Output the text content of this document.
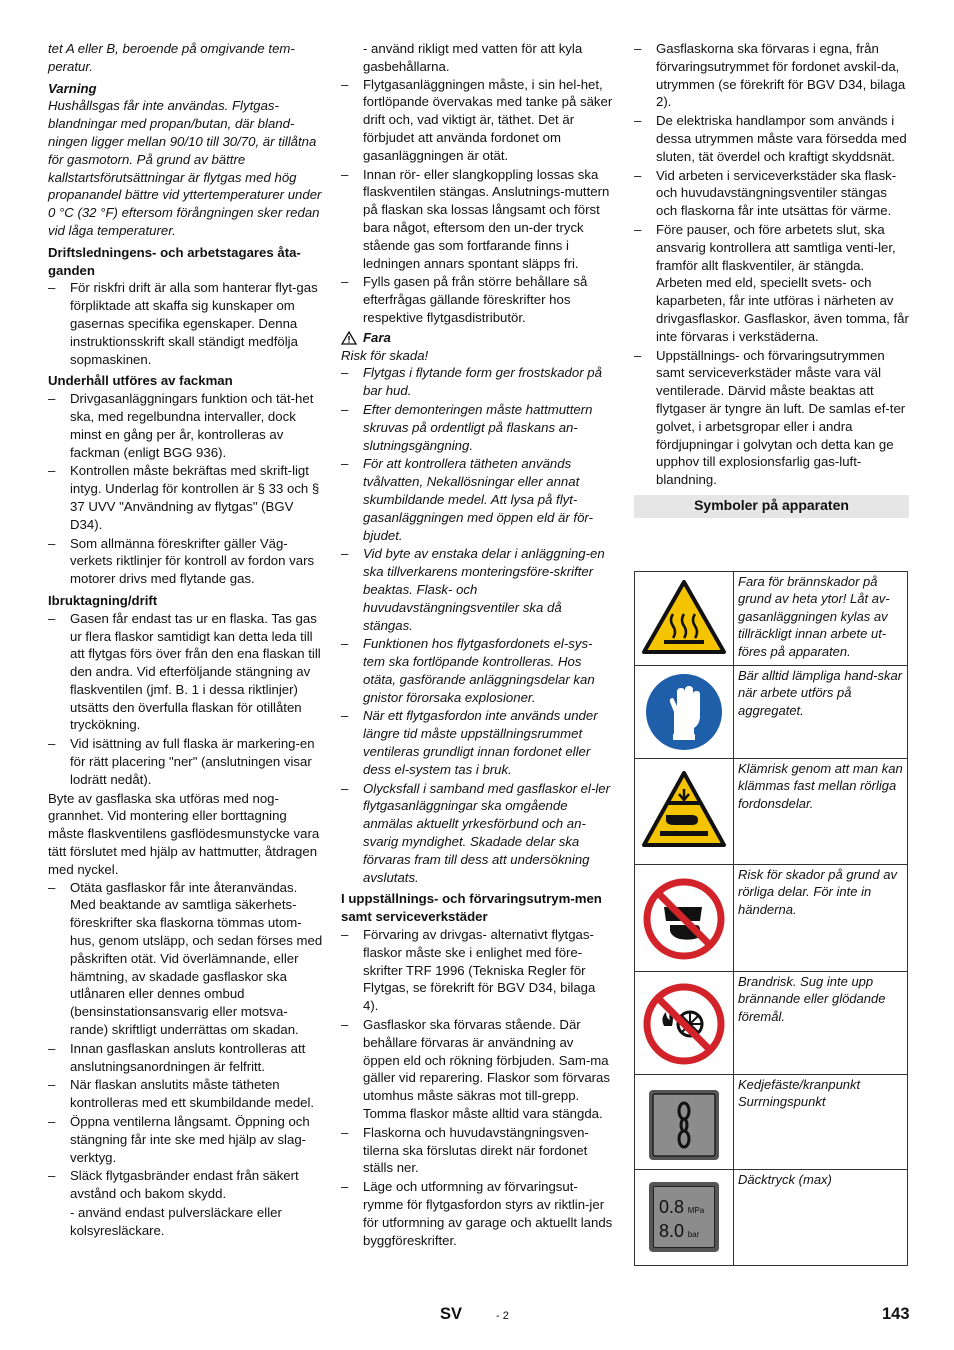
tet A eller B, beroende på omgivande tem-peratur.

Varning

Hushållsgas får inte användas. Flytgas-blandningar med propan/butan, där bland-ningen ligger mellan 90/10 till 30/70, är tillåtna för gasmotorn. På grund av bättre kallstartsförutsättningar är flytgas med hög propanandel bättre vid yttertemperaturer under 0 °C (32 °F) eftersom förångningen sker redan vid låga temperaturer.

Driftsledningens- och arbetstagares åta-ganden

– För riskfri drift är alla som hanterar flyt-gas förpliktade att skaffa sig kunskaper om gasernas specifika egenskaper. Denna instruktionsskrift skall ständigt medfölja sopmaskinen.

Underhåll utföres av fackman

– Drivgasanläggningars funktion och tät-het ska, med regelbundna intervaller, dock minst en gång per år, kontrolleras av fackman (enligt BGG 936).
– Kontrollen måste bekräftas med skrift-ligt intyg. Underlag för kontrollen är § 33 och § 37 UVV "Användning av flytgas" (BGV D34).
– Som allmänna föreskrifter gäller Väg-verkets riktlinjer för kontroll av fordon vars motorer drivs med flytande gas.

Ibruktagning/drift

– Gasen får endast tas ur en flaska. Tas gas ur flera flaskor samtidigt kan detta leda till att flytgas förs över från den ena flaskan till den andra. Vid efterföljande stängning av flaskventilen (jmf. B. 1 i dessa riktlinjer) utsätts den överfulla flaskan för otillåten tryckökning.
– Vid isättning av full flaska är markering-en för rätt placering "ner" (anslutningen visar lodrätt nedåt).

Byte av gasflaska ska utföras med nog-grannhet. Vid montering eller borttagning måste flaskventilens gasflödesmunstycke vara tätt förslutet med hjälp av hattmutter, åtdragen med nyckel.

– Otäta gasflaskor får inte återanvändas. Med beaktande av samtliga säkerhets-föreskrifter ska flaskorna tömmas utom-hus, genom utsläpp, och sedan förses med påskriften otät. Vid överlämnande, eller hämtning, av skadade gasflaskor ska utlånaren eller dennes ombud (bensinstationsansvarig eller motsva-rande) skriftligt underrättas om skadan.
– Innan gasflaskan ansluts kontrolleras att anslutningsanordningen är felfritt.
– När flaskan anslutits måste tätheten kontrolleras med ett skumbildande medel.
– Öppna ventilerna långsamt. Öppning och stängning får inte ske med hjälp av slag-verktyg.
– Släck flytgasbränder endast från säkert avstånd och bakom skydd.

- använd endast pulversläckare eller kolsyresläckare.

- använd rikligt med vatten för att kyla gasbehållarna.

– Flytgasanläggningen måste, i sin hel-het, fortlöpande övervakas med tanke på säker drift och, vad viktigt är, täthet. Det är förbjudet att använda fordonet om gasanläggningen är otät.
– Innan rör- eller slangkoppling lossas ska flaskventilen stängas. Anslutnings-muttern på flaskan ska lossas långsamt och först bara något, eftersom den un-der tryck stående gas som fortfarande finns i ledningen annars spontant släpps fri.
– Fylls gasen på från större behållare så efterfrågas gällande föreskrifter hos respektive flytgasdistributör.
Fara

Risk för skada!

– Flytgas i flytande form ger frostskador på bar hud.
– Efter demonteringen måste hattmuttern skruvas på ordentligt på flaskans an-slutningsgängning.
– För att kontrollera tätheten används tvålvatten, Nekallösningar eller annat skumbildande medel. Att lysa på flyt-gasanläggningen med öppen eld är för-bjudet.
– Vid byte av enstaka delar i anläggning-en ska tillverkarens monteringsföre-skrifter beaktas. Flask- och huvudavstängningsventiler ska då stängas.
– Funktionen hos flytgasfordonets el-sys-tem ska fortlöpande kontrolleras. Hos otäta, gasförande anläggningsdelar kan gnistor förorsaka explosioner.
– När ett flytgasfordon inte används under längre tid måste uppställningsrummet ventileras grundligt innan fordonet eller dess el-system tas i bruk.
– Olycksfall i samband med gasflaskor el-ler flytgasanläggningar ska omgående anmälas aktuellt yrkesförbund och an-svarig myndighet. Skadade delar ska förvaras fram till dess att undersökning avslutats.

I uppställnings- och förvaringsutrym-men samt serviceverkstäder

– Förvaring av drivgas- alternativt flytgas-flaskor måste ske i enlighet med före-skrifter TRF 1996 (Tekniska Regler för Flytgas, se förekrift för BGV D34, bilaga 4).
– Gasflaskor ska förvaras stående. Där behållare förvaras är användning av öppen eld och rökning förbjuden. Sam-ma gäller vid reparering. Flaskor som förvaras utomhus måste säkras mot till-grepp. Tomma flaskor måste alltid vara stängda.
– Flaskorna och huvudavstängningsven-tilerna ska förslutas direkt när fordonet ställs ner.
– Läge och utformning av förvaringsut-rymme för flytgasfordon styrs av riktlin-jer för utformning av garage och aktuellt lands byggföreskrifter.
– Gasflaskorna ska förvaras i egna, från förvaringsutrymmet för fordonet avskil-da, utrymmen (se förekrift för BGV D34, bilaga 2).
– De elektriska handlampor som används i dessa utrymmen måste vara försedda med sluten, tät överdel och kraftigt skyddsnät.
– Vid arbeten i serviceverkstäder ska flask- och huvudavstängningsventiler stängas och flaskorna får inte utsättas för värme.
– Före pauser, och före arbetets slut, ska ansvarig kontrollera att samtliga venti-ler, framför allt flaskventiler, är stängda. Arbeten med eld, speciellt svets- och kaparbeten, får inte utföras i närheten av drivgasflaskor. Gasflaskor, även tomma, får inte förvaras i verkstäderna.
– Uppställnings- och förvaringsutrymmen samt serviceverkstäder måste vara väl ventilerade. Därvid måste beaktas att flytgaser är tyngre än luft. De samlas ef-ter golvet, i arbetsgropar eller i andra fördjupningar i golvytan och detta kan ge upphov till explosionsfarlig gas-luft-blandning.
Symboler på apparaten
	Fara för brännskador på grund av heta ytor! Låt av-gasanläggningen kylas av tillräckligt innan arbete ut-föres på apparaten.
	Bär alltid lämpliga hand-skar när arbete utförs på aggregatet.
	Klämrisk genom att man kan klämmas fast mellan rörliga fordonsdelar.
	Risk för skador på grund av rörliga delar. För inte in händerna.
	Brandrisk. Sug inte upp brännande eller glödande föremål.
	Kedjefäste/kranpunkt Surrningspunkt

0.8 MPa
8.0 bar	Däcktryck (max)
SV	- 2	143
